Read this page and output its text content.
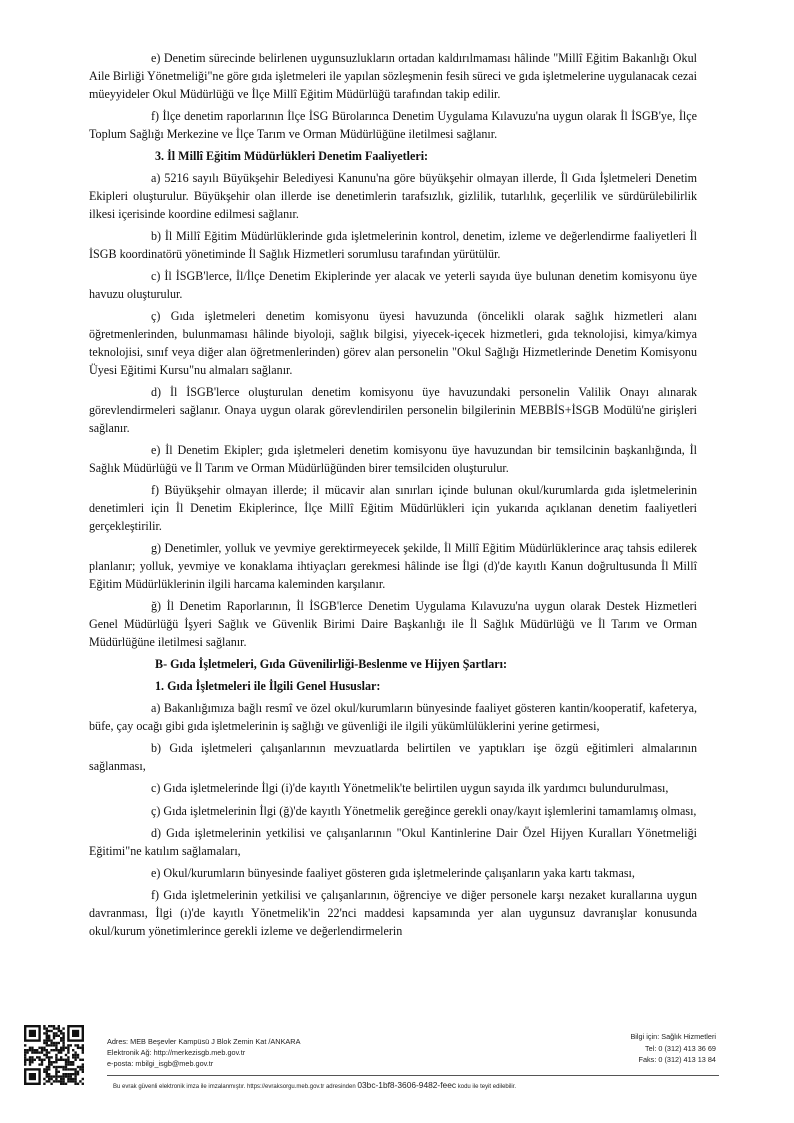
e) Denetim sürecinde belirlenen uygunsuzlukların ortadan kaldırılmaması hâlinde "Millî Eğitim Bakanlığı Okul Aile Birliği Yönetmeliği"ne göre gıda işletmeleri ile yapılan sözleşmenin fesih süreci ve gıda işletmelerine uygulanacak cezai müeyyideler Okul Müdürlüğü ve İlçe Millî Eğitim Müdürlüğü tarafından takip edilir.

f) İlçe denetim raporlarının İlçe İSG Bürolarınca Denetim Uygulama Kılavuzu'na uygun olarak İl İSGB'ye, İlçe Toplum Sağlığı Merkezine ve İlçe Tarım ve Orman Müdürlüğüne iletilmesi sağlanır.

3. İl Millî Eğitim Müdürlükleri Denetim Faaliyetleri:

a) 5216 sayılı Büyükşehir Belediyesi Kanunu'na göre büyükşehir olmayan illerde, İl Gıda İşletmeleri Denetim Ekipleri oluşturulur. Büyükşehir olan illerde ise denetimlerin tarafsızlık, gizlilik, tutarlılık, geçerlilik ve sürdürülebilirlik ilkesi içerisinde koordine edilmesi sağlanır.

b) İl Millî Eğitim Müdürlüklerinde gıda işletmelerinin kontrol, denetim, izleme ve değerlendirme faaliyetleri İl İSGB koordinatörü yönetiminde İl Sağlık Hizmetleri sorumlusu tarafından yürütülür.

c) İl İSGB'lerce, İl/İlçe Denetim Ekiplerinde yer alacak ve yeterli sayıda üye bulunan denetim komisyonu üye havuzu oluşturulur.

ç) Gıda işletmeleri denetim komisyonu üyesi havuzunda (öncelikli olarak sağlık hizmetleri alanı öğretmenlerinden, bulunmaması hâlinde biyoloji, sağlık bilgisi, yiyecek-içecek hizmetleri, gıda teknolojisi, kimya/kimya teknolojisi, sınıf veya diğer alan öğretmenlerinden) görev alan personelin "Okul Sağlığı Hizmetlerinde Denetim Komisyonu Üyesi Eğitimi Kursu"nu almaları sağlanır.

d) İl İSGB'lerce oluşturulan denetim komisyonu üye havuzundaki personelin Valilik Onayı alınarak görevlendirmeleri sağlanır. Onaya uygun olarak görevlendirilen personelin bilgilerinin MEBBİS+İSGB Modülü'ne girişleri sağlanır.

e) İl Denetim Ekipler; gıda işletmeleri denetim komisyonu üye havuzundan bir temsilcinin başkanlığında, İl Sağlık Müdürlüğü ve İl Tarım ve Orman Müdürlüğünden birer temsilciden oluşturulur.

f) Büyükşehir olmayan illerde; il mücavir alan sınırları içinde bulunan okul/kurumlarda gıda işletmelerinin denetimleri için İl Denetim Ekiplerince, İlçe Millî Eğitim Müdürlükleri için yukarıda açıklanan denetim faaliyetleri gerçekleştirilir.

g) Denetimler, yolluk ve yevmiye gerektirmeyecek şekilde, İl Millî Eğitim Müdürlüklerince araç tahsis edilerek planlanır; yolluk, yevmiye ve konaklama ihtiyaçları gerekmesi hâlinde ise İlgi (d)'de kayıtlı Kanun doğrultusunda İl Millî Eğitim Müdürlüklerinin ilgili harcama kaleminden karşılanır.

ğ) İl Denetim Raporlarının, İl İSGB'lerce Denetim Uygulama Kılavuzu'na uygun olarak Destek Hizmetleri Genel Müdürlüğü İşyeri Sağlık ve Güvenlik Birimi Daire Başkanlığı ile İl Sağlık Müdürlüğü ve İl Tarım ve Orman Müdürlüğüne iletilmesi sağlanır.

B- Gıda İşletmeleri, Gıda Güvenilirliği-Beslenme ve Hijyen Şartları:

1. Gıda İşletmeleri ile İlgili Genel Hususlar:

a) Bakanlığımıza bağlı resmî ve özel okul/kurumların bünyesinde faaliyet gösteren kantin/kooperatif, kafeterya, büfe, çay ocağı gibi gıda işletmelerinin iş sağlığı ve güvenliği ile ilgili yükümlülüklerini yerine getirmesi,

b) Gıda işletmeleri çalışanlarının mevzuatlarda belirtilen ve yaptıkları işe özgü eğitimleri almalarının sağlanması,

c) Gıda işletmelerinde İlgi (i)'de kayıtlı Yönetmelik'te belirtilen uygun sayıda ilk yardımcı bulundurulması,

ç) Gıda işletmelerinin İlgi (ğ)'de kayıtlı Yönetmelik gereğince gerekli onay/kayıt işlemlerini tamamlamış olması,

d) Gıda işletmelerinin yetkilisi ve çalışanlarının "Okul Kantinlerine Dair Özel Hijyen Kuralları Yönetmeliği Eğitimi"ne katılım sağlamaları,

e) Okul/kurumların bünyesinde faaliyet gösteren gıda işletmelerinde çalışanların yaka kartı takması,

f) Gıda işletmelerinin yetkilisi ve çalışanlarının, öğrenciye ve diğer personele karşı nezaket kurallarına uygun davranması, İlgi (ı)'de kayıtlı Yönetmelik'in 22'nci maddesi kapsamında yer alan uygunsuz davranışlar konusunda okul/kurum yönetimlerince gerekli izleme ve değerlendirmelerin

Adres: MEB Beşevler Kampüsü J Blok Zemin Kat /ANKARA
Elektronik Ağ: http://merkezisgb.meb.gov.tr
e-posta: mbilgi_isgb@meb.gov.tr
Bilgi için: Sağlık Hizmetleri
Tel: 0 (312) 413 36 69
Faks: 0 (312) 413 13 84
Bu evrak güvenli elektronik imza ile imzalanmıştır. https://evraksorgu.meb.gov.tr adresinden 03bc-1bf8-3606-9482-feec kodu ile teyit edilebilir.
